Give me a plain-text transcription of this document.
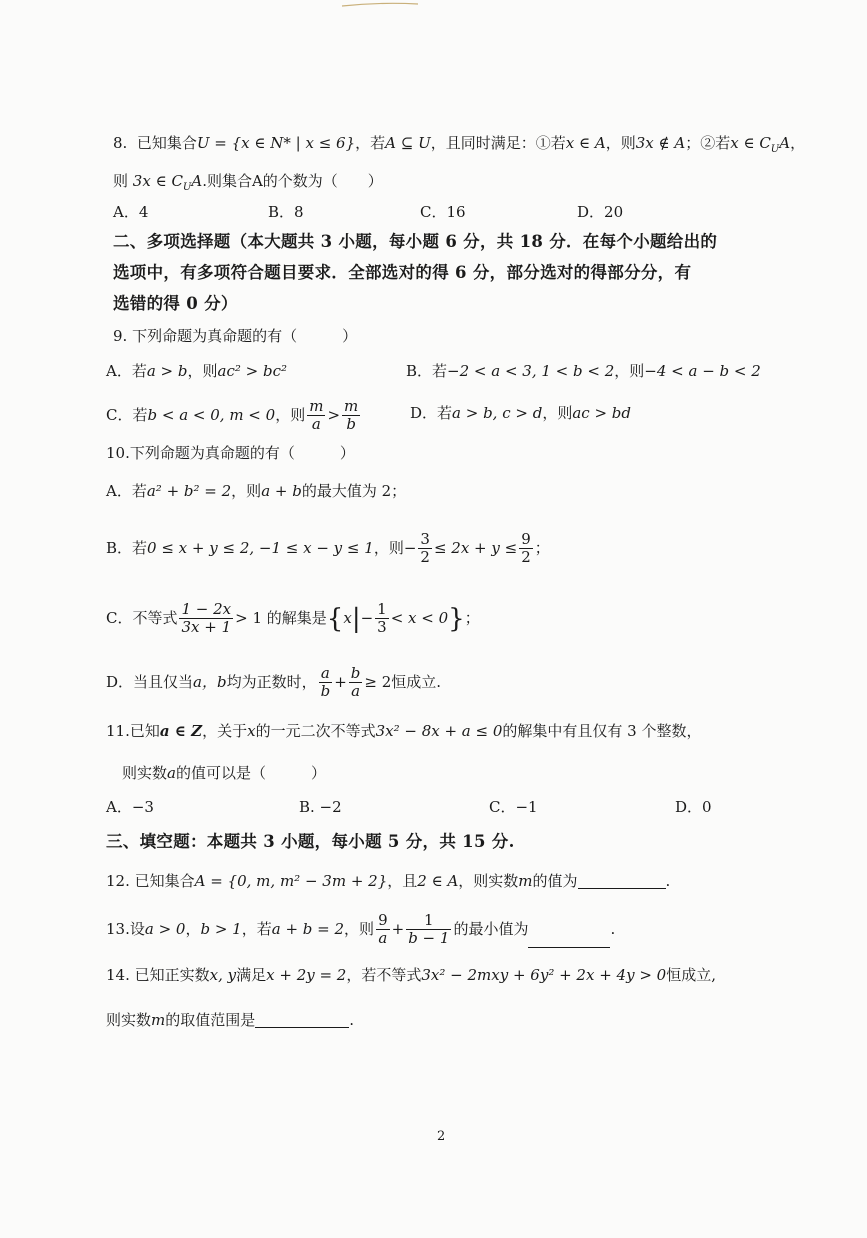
8. 已知集合U = {x ∈ N* | x ≤ 6}，若A ⊆ U，且同时满足：①若x ∈ A，则3x ∉ A；②若x ∈ $C_UA$，
则 3x ∈ $C_UA$.则集合A的个数为（　　）
A．4	B．8	C．16	D．20
二、多项选择题（本大题共 3 小题，每小题 6 分，共 18 分．在每个小题给出的
选项中，有多项符合题目要求．全部选对的得 6 分，部分选对的得部分分，有
选错的得 0 分）
9. 下列命题为真命题的有（　　　）
A．若a > b，则ac² > bc²	B．若−2 < a < 3, 1 < b < 2，则−4 < a − b < 2
C．若b < a < 0, m < 0，则 $\frac{m}{a} > \frac{m}{b}$	D．若a > b, c > d，则ac > bd
10.下列命题为真命题的有（　　　）
A．若a² + b² = 2，则a + b的最大值为 2；
B．若0 ≤ x + y ≤ 2, −1 ≤ x − y ≤ 1，则− $\frac{3}{2} \le 2x + y \le \frac{9}{2}$ ；
C．不等式 $\frac{1 - 2x}{3x + 1} > 1$ 的解集是$\{x|- \frac{1}{3} < x < 0\}$；
D．当且仅当a，b均为正数时， $\frac{a}{b} + \frac{b}{a} \ge 2$恒成立.
11.已知a ∈ Z，关于x的一元二次不等式3x² − 8x + a ≤ 0的解集中有且仅有 3 个整数，
则实数a的值可以是（　　　）
A．−3	B. −2	C．−1	D．0
三、填空题：本题共 3 小题，每小题 5 分，共 15 分.
12. 已知集合A = {0, m, m² − 3m + 2}，且2 ∈ A，则实数m的值为	.
13.设a > 0，b > 1，若a + b = 2，则 $\frac{9}{a} + \frac{1}{b - 1}$ 的最小值为	.
14. 已知正实数x, y满足x + 2y = 2，若不等式3x² − 2mxy + 6y² + 2x + 4y > 0恒成立,
则实数m的取值范围是	.
2
